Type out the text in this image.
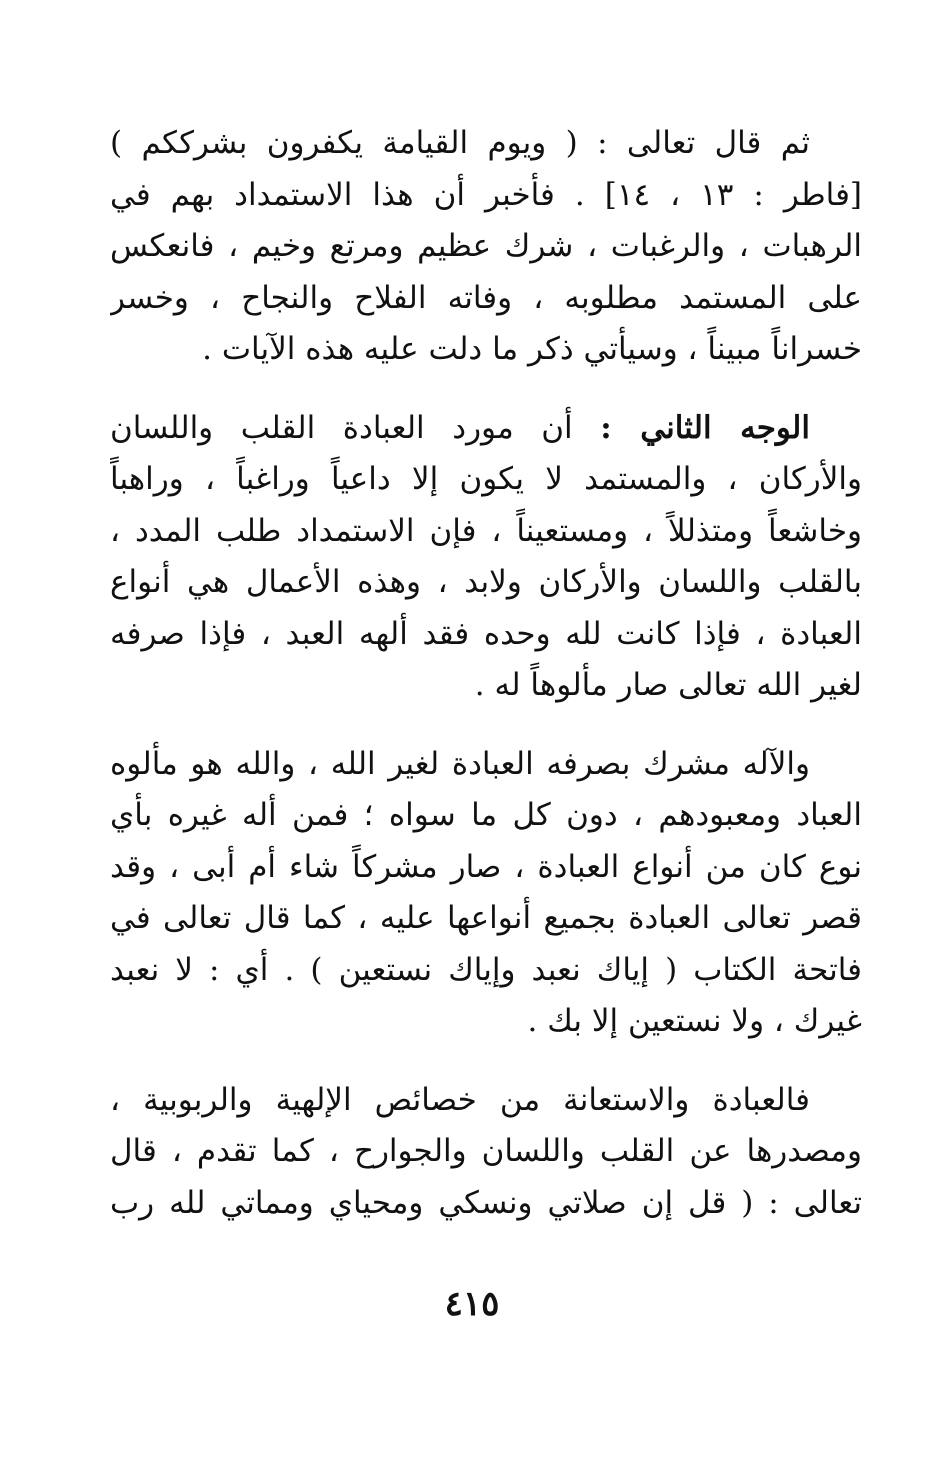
ثم قال تعالى : ( ويوم القيامة يكفرون بشرككم )
[فاطر : ١٣ ، ١٤] . فأخبر أن هذا الاستمداد بهم في
الرهبات ، والرغبات ، شرك عظيم ومرتع وخيم ، فانعكس
على المستمد مطلوبه ، وفاته الفلاح والنجاح ، وخسر
خسراناً مبيناً ، وسيأتي ذكر ما دلت عليه هذه الآيات .

الوجه الثاني : أن مورد العبادة القلب واللسان
والأركان ، والمستمد لا يكون إلا داعياً وراغباً ، وراهباً
وخاشعاً ومتذللاً ، ومستعيناً ، فإن الاستمداد طلب المدد ،
بالقلب واللسان والأركان ولابد ، وهذه الأعمال هي أنواع
العبادة ، فإذا كانت لله وحده فقد ألهه العبد ، فإذا صرفه
لغير الله تعالى صار مألوهاً له .

والآله مشرك بصرفه العبادة لغير الله ، والله هو مألوه
العباد ومعبودهم ، دون كل ما سواه ؛ فمن أله غيره بأي
نوع كان من أنواع العبادة ، صار مشركاً شاء أم أبى ، وقد
قصر تعالى العبادة بجميع أنواعها عليه ، كما قال تعالى في
فاتحة الكتاب ( إياك نعبد وإياك نستعين ) . أي : لا نعبد
غيرك ، ولا نستعين إلا بك .

فالعبادة والاستعانة من خصائص الإلهية والربوبية ،
ومصدرها عن القلب واللسان والجوارح ، كما تقدم ، قال
تعالى : ( قل إن صلاتي ونسكي ومحياي ومماتي لله رب

٤١٥
